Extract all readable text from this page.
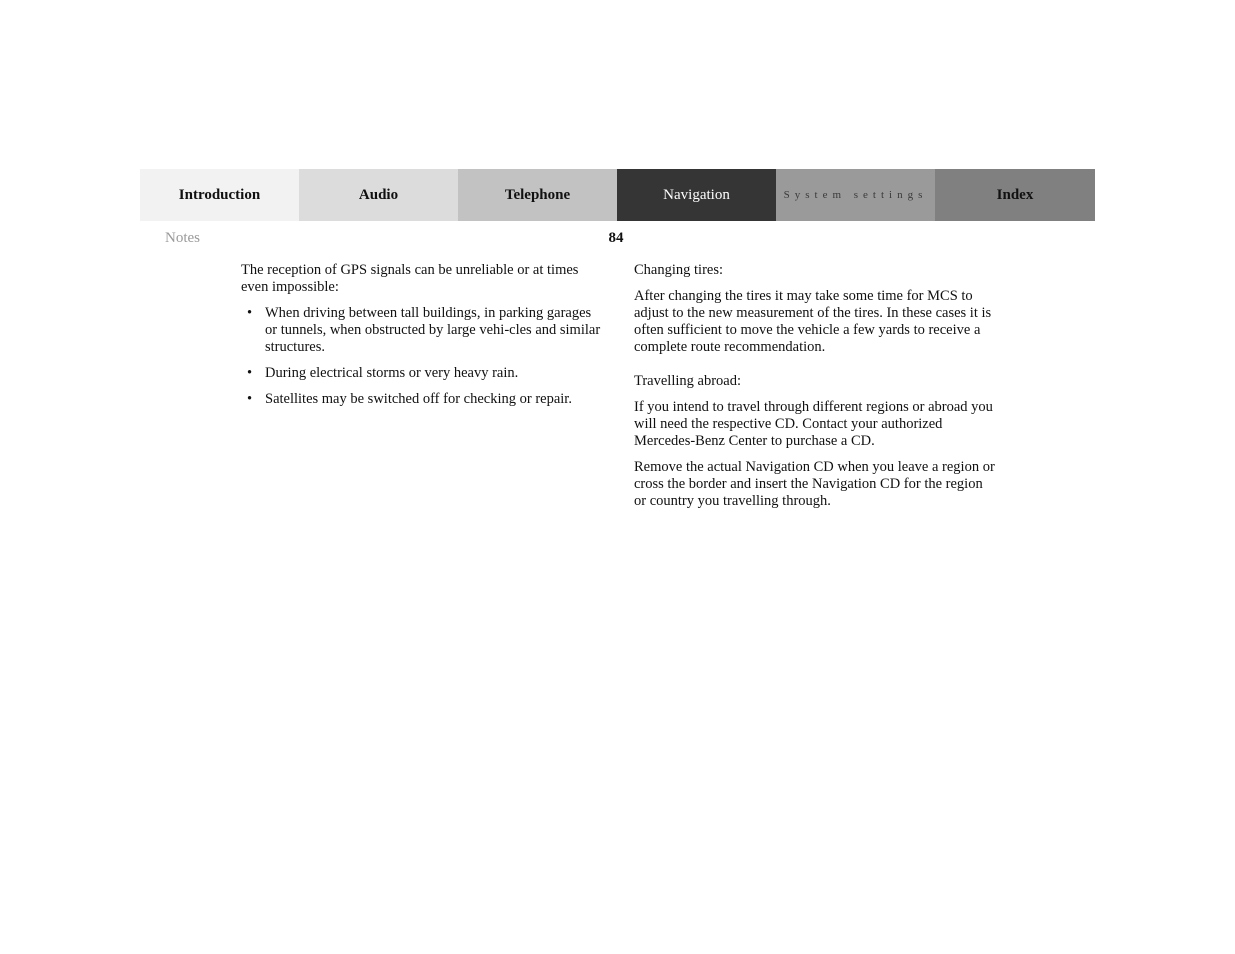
Introduction	Audio	Telephone	Navigation	System settings	Index
Notes	84

The reception of GPS signals can be unreliable or at times even impossible:

• When driving between tall buildings, in parking garages or tunnels, when obstructed by large vehi-cles and similar structures.
• During electrical storms or very heavy rain.
• Satellites may be switched off for checking or repair.

Changing tires:

After changing the tires it may take some time for MCS to adjust to the new measurement of the tires. In these cases it is often sufficient to move the vehicle a few yards to receive a complete route recommendation.

Travelling abroad:

If you intend to travel through different regions or abroad you will need the respective CD. Contact your authorized Mercedes-Benz Center to purchase a CD.

Remove the actual Navigation CD when you leave a region or cross the border and insert the Navigation CD for the region or country you travelling through.
